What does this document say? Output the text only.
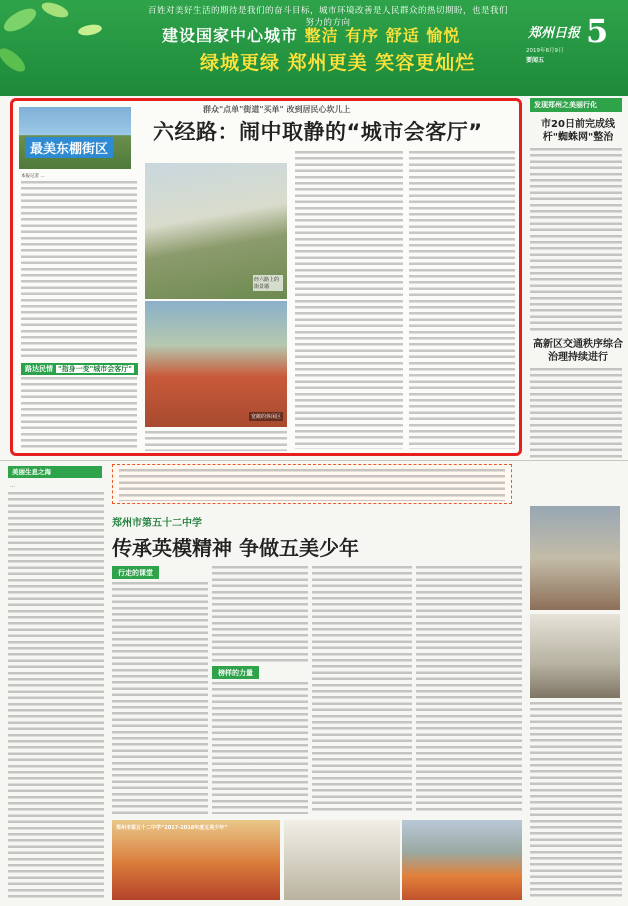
百姓对美好生活的期待是我们的奋斗目标，城市环境改善是人民群众的热切期盼，也是我们努力的方向
建设国家中心城市 整洁 有序 舒适 愉悦
绿城更绿 郑州更美 笑容更灿烂
郑州日报 5
2019年8月9日
要闻五
最美东棚街区
群众"点单"街道"买单" 改到居民心坎儿上
六经路：闹中取静的“城市会客厅”
本报记者 …
路达民情 "指身一变"城市会客厅"
经六路上的街景墙
宽敞的休闲区
发现郑州之美丽行化
市20日前完成线杆"蜘蛛网"整治
高新区交通秩序综合治理持续进行
美丽生息之海
…
郑州市第五十二中学
传承英模精神 争做五美少年
行走的课堂
榜样的力量
郑州市第五十二中学“2017-2018年度五美少年”
